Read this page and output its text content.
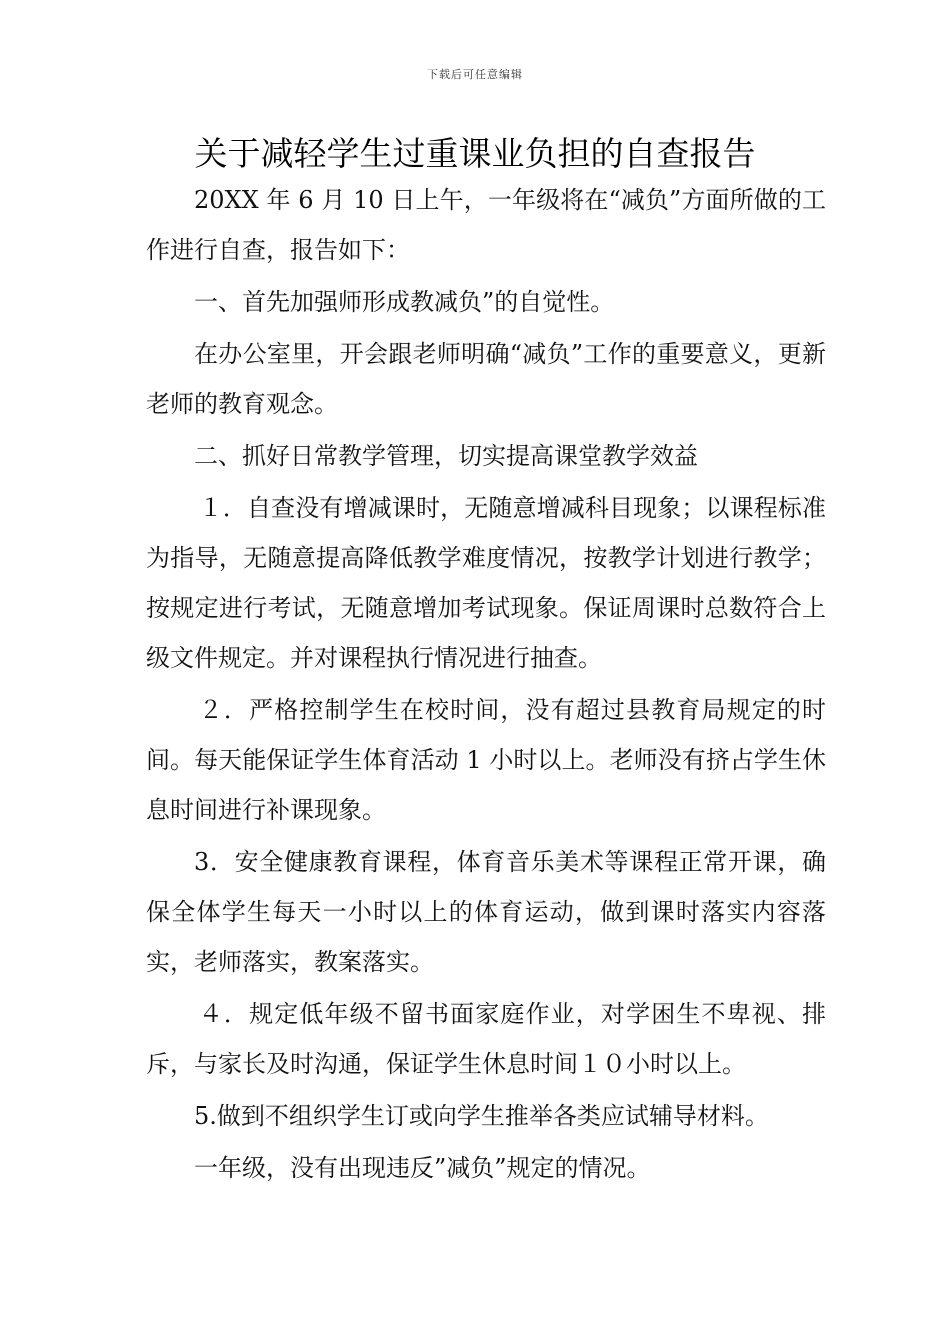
下载后可任意编辑
关于减轻学生过重课业负担的自查报告

20XX 年 6 月 10 日上午，一年级将在“减负”方面所做的工作进行自查，报告如下：

一、首先加强师形成教减负”的自觉性。

在办公室里，开会跟老师明确“减负”工作的重要意义，更新老师的教育观念。

二、抓好日常教学管理，切实提高课堂教学效益

１．自查没有增减课时，无随意增减科目现象；以课程标准为指导，无随意提高降低教学难度情况，按教学计划进行教学；按规定进行考试，无随意增加考试现象。保证周课时总数符合上级文件规定。并对课程执行情况进行抽查。

２．严格控制学生在校时间，没有超过县教育局规定的时间。每天能保证学生体育活动 1 小时以上。老师没有挤占学生休息时间进行补课现象。

3．安全健康教育课程，体育音乐美术等课程正常开课，确保全体学生每天一小时以上的体育运动，做到课时落实内容落实，老师落实，教案落实。

４．规定低年级不留书面家庭作业，对学困生不卑视、排斥，与家长及时沟通，保证学生休息时间１０小时以上。

5.做到不组织学生订或向学生推举各类应试辅导材料。

一年级，没有出现违反”减负”规定的情况。
